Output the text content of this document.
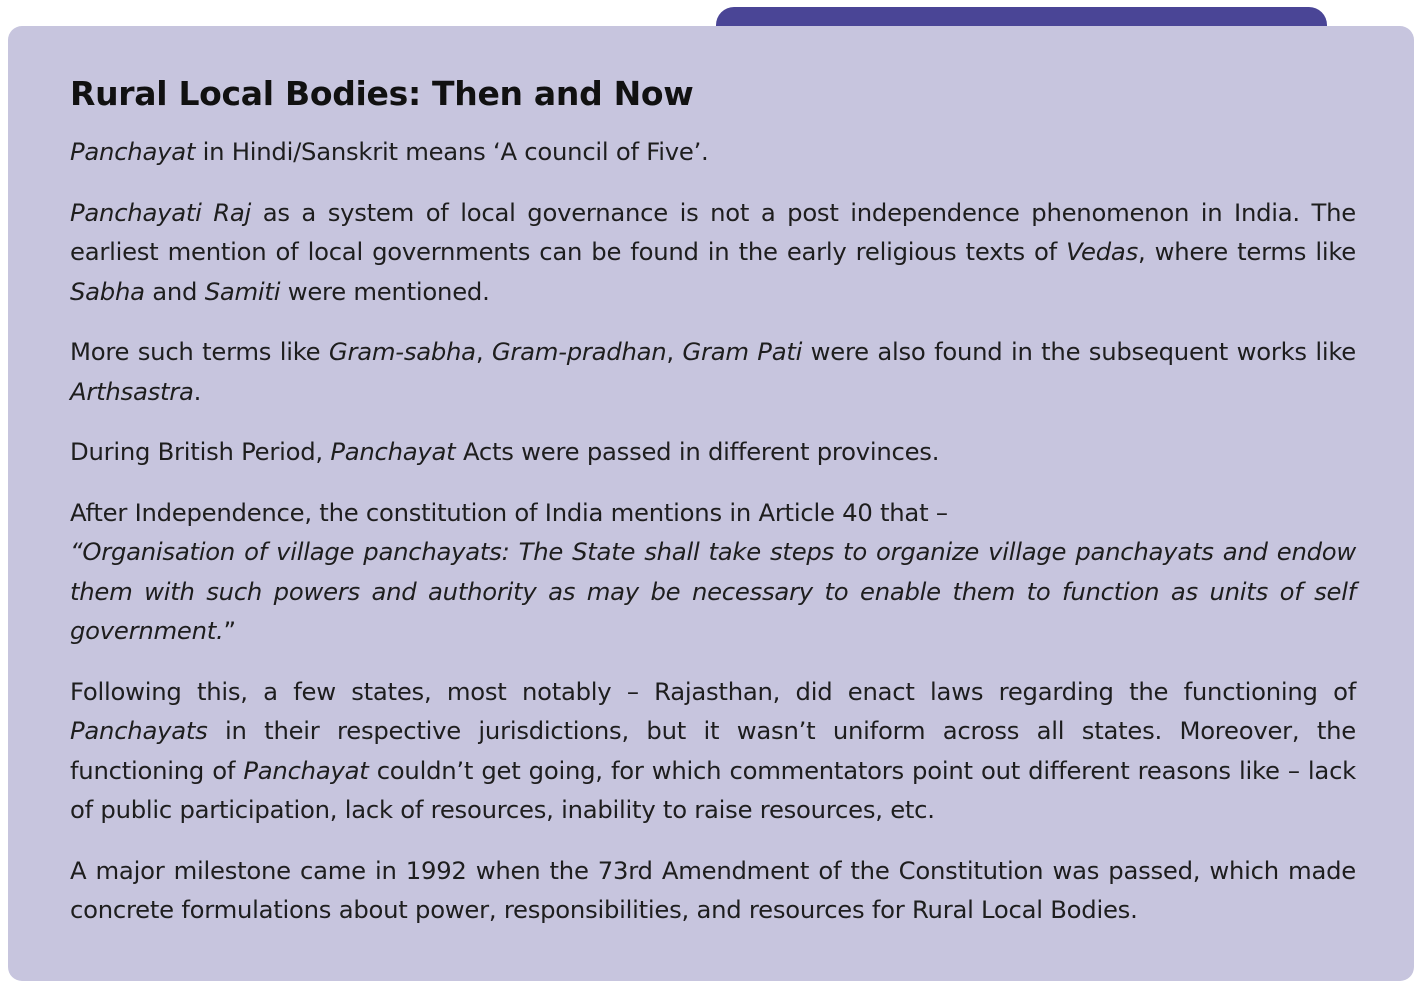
Rural Local Bodies: Then and Now

Panchayat in Hindi/Sanskrit means ‘A council of Five’.

Panchayati Raj as a system of local governance is not a post independence phenomenon in India. The earliest mention of local governments can be found in the early religious texts of Vedas, where terms like Sabha and Samiti were mentioned.

More such terms like Gram-sabha, Gram-pradhan, Gram Pati were also found in the subsequent works like Arthsastra.

During British Period, Panchayat Acts were passed in different provinces.

After Independence, the constitution of India mentions in Article 40 that –
“Organisation of village panchayats: The State shall take steps to organize village panchayats and endow them with such powers and authority as may be necessary to enable them to function as units of self government.”

Following this, a few states, most notably – Rajasthan, did enact laws regarding the functioning of Panchayats in their respective jurisdictions, but it wasn’t uniform across all states. Moreover, the functioning of Panchayat couldn’t get going, for which commentators point out different reasons like – lack of public participation, lack of resources, inability to raise resources, etc.

A major milestone came in 1992 when the 73rd Amendment of the Constitution was passed, which made concrete formulations about power, responsibilities, and resources for Rural Local Bodies.
